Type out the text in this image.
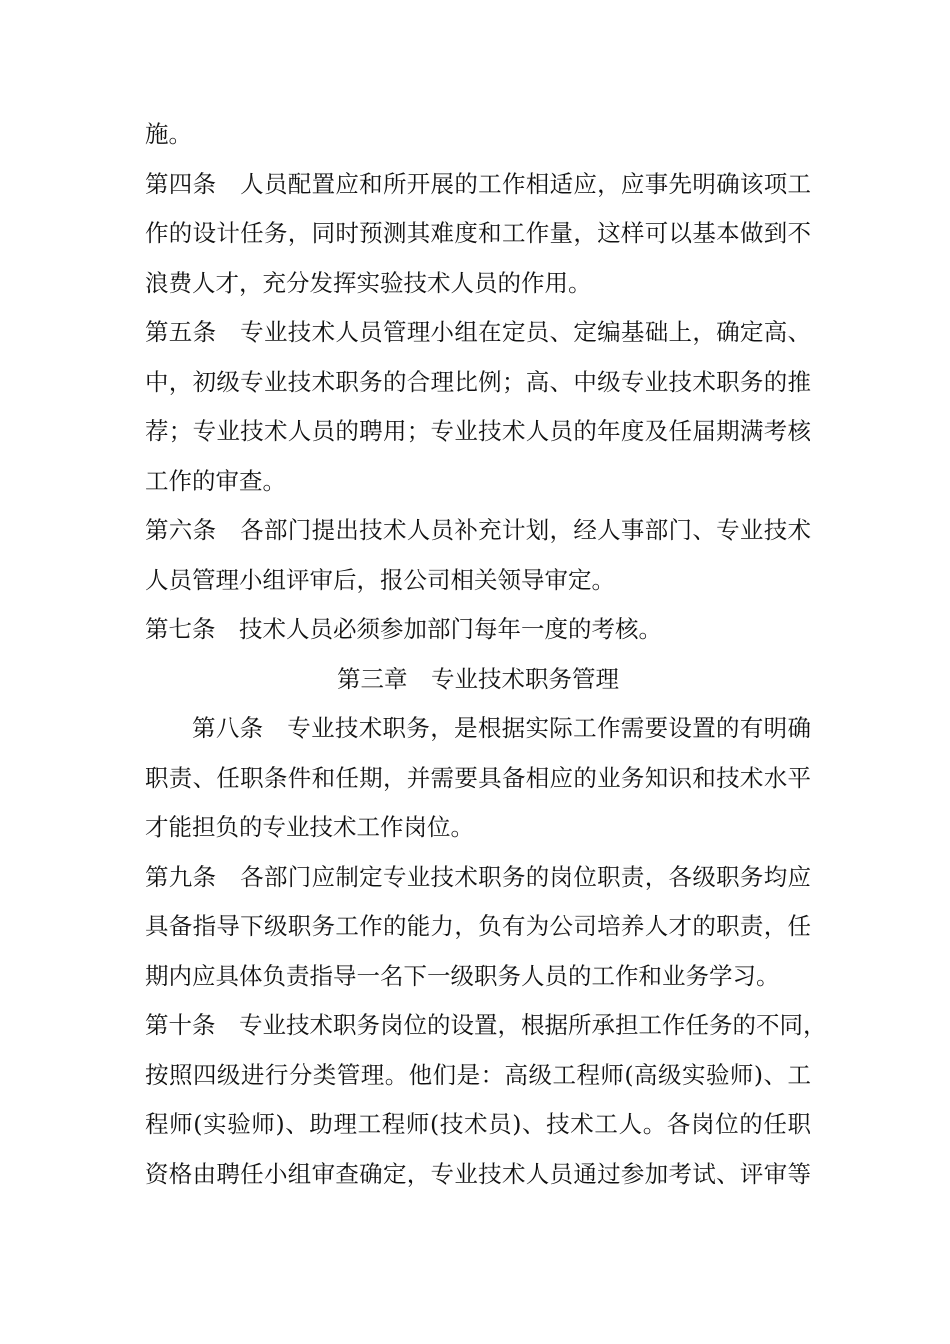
施。
第四条　人员配置应和所开展的工作相适应，应事先明确该项工
作的设计任务，同时预测其难度和工作量，这样可以基本做到不
浪费人才，充分发挥实验技术人员的作用。
第五条　专业技术人员管理小组在定员、定编基础上，确定高、
中，初级专业技术职务的合理比例；高、中级专业技术职务的推
荐；专业技术人员的聘用；专业技术人员的年度及任届期满考核
工作的审查。
第六条　各部门提出技术人员补充计划，经人事部门、专业技术
人员管理小组评审后，报公司相关领导审定。
第七条　技术人员必须参加部门每年一度的考核。
第三章　专业技术职务管理
第八条　专业技术职务，是根据实际工作需要设置的有明确
职责、任职条件和任期，并需要具备相应的业务知识和技术水平
才能担负的专业技术工作岗位。
第九条　各部门应制定专业技术职务的岗位职责，各级职务均应
具备指导下级职务工作的能力，负有为公司培养人才的职责，任
期内应具体负责指导一名下一级职务人员的工作和业务学习。
第十条　专业技术职务岗位的设置，根据所承担工作任务的不同，
按照四级进行分类管理。他们是：高级工程师(高级实验师)、工
程师(实验师)、助理工程师(技术员)、技术工人。各岗位的任职
资格由聘任小组审查确定，专业技术人员通过参加考试、评审等
